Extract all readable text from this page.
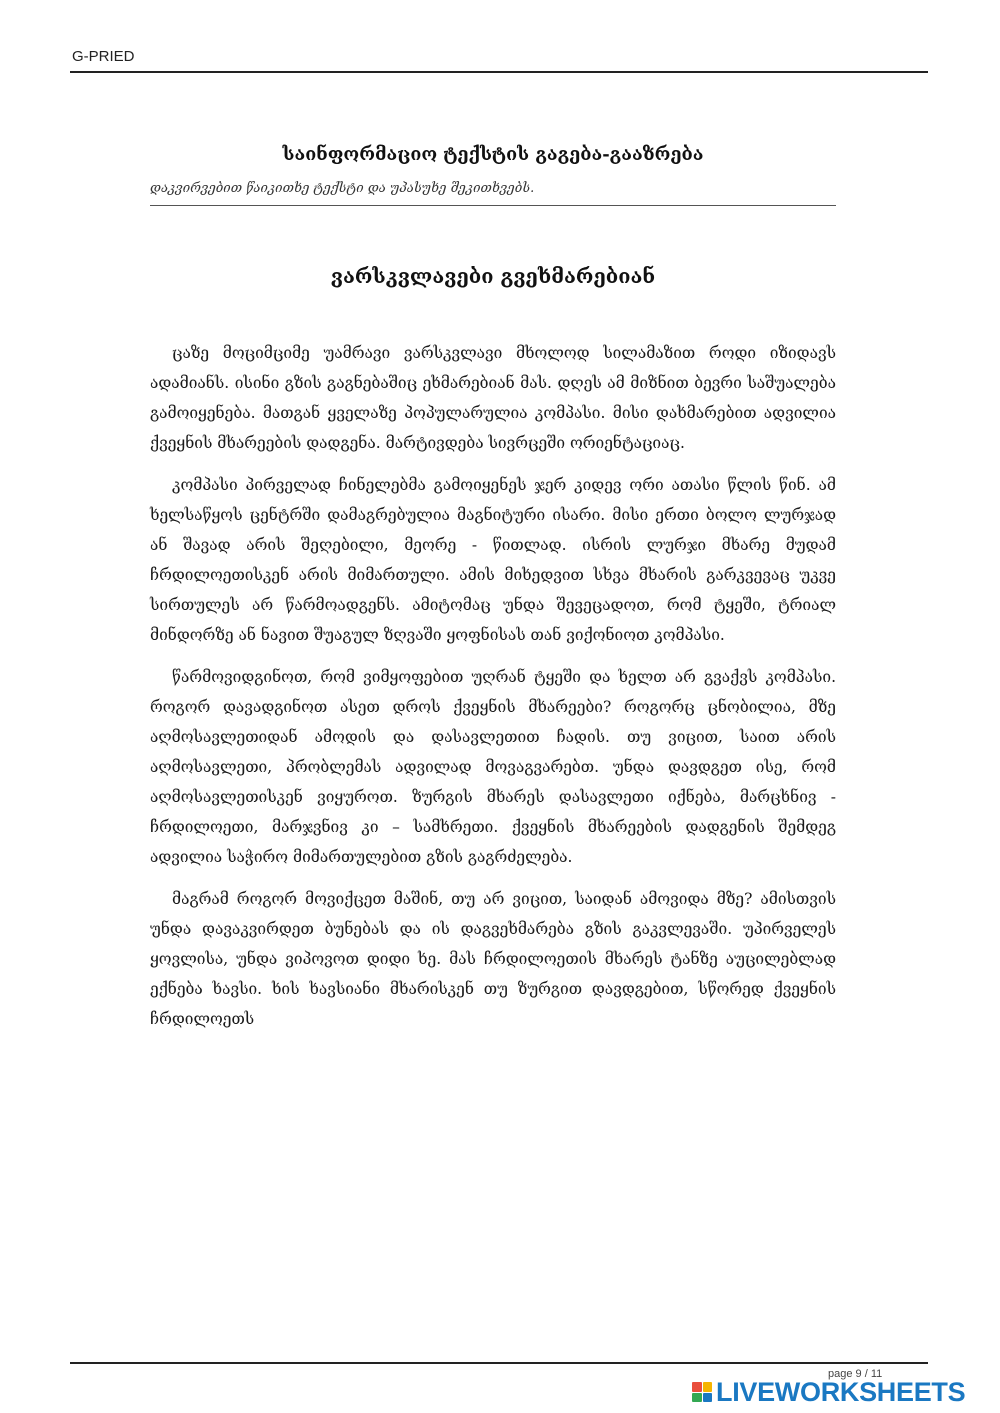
G-PRIED
საინფორმაციო ტექსტის გაგება-გააზრება
დაკვირვებით წაიკითხე ტექსტი და უპასუხე შეკითხვებს.
ვარსკვლავები გვეხმარებიან

ცაზე მოციმციმე უამრავი ვარსკვლავი მხოლოდ სილამაზით როდი იზიდავს ადამიანს. ისინი გზის გაგნებაშიც ეხმარებიან მას. დღეს ამ მიზნით ბევრი საშუალება გამოიყენება. მათგან ყველაზე პოპულარულია კომპასი. მისი დახმარებით ადვილია ქვეყნის მხარეების დადგენა. მარტივდება სივრცეში ორიენტაციაც.

კომპასი პირველად ჩინელებმა გამოიყენეს ჯერ კიდევ ორი ათასი წლის წინ. ამ ხელსაწყოს ცენტრში დამაგრებულია მაგნიტური ისარი. მისი ერთი ბოლო ლურჯად ან შავად არის შეღებილი, მეორე - წითლად. ისრის ლურჯი მხარე მუდამ ჩრდილოეთისკენ არის მიმართული. ამის მიხედვით სხვა მხარის გარკვევაც უკვე სირთულეს არ წარმოადგენს. ამიტომაც უნდა შევეცადოთ, რომ ტყეში, ტრიალ მინდორზე ან ნავით შუაგულ ზღვაში ყოფნისას თან ვიქონიოთ კომპასი.

წარმოვიდგინოთ, რომ ვიმყოფებით უღრან ტყეში და ხელთ არ გვაქვს კომპასი. როგორ დავადგინოთ ასეთ დროს ქვეყნის მხარეები? როგორც ცნობილია, მზე აღმოსავლეთიდან ამოდის და დასავლეთით ჩადის. თუ ვიცით, საით არის აღმოსავლეთი, პრობლემას ადვილად მოვაგვარებთ. უნდა დავდგეთ ისე, რომ აღმოსავლეთისკენ ვიყუროთ. ზურგის მხარეს დასავლეთი იქნება, მარცხნივ - ჩრდილოეთი, მარჯვნივ კი – სამხრეთი. ქვეყნის მხარეების დადგენის შემდეგ ადვილია საჭირო მიმართულებით გზის გაგრძელება.

მაგრამ როგორ მოვიქცეთ მაშინ, თუ არ ვიცით, საიდან ამოვიდა მზე? ამისთვის უნდა დავაკვირდეთ ბუნებას და ის დაგვეხმარება გზის გაკვლევაში. უპირველეს ყოვლისა, უნდა ვიპოვოთ დიდი ხე. მას ჩრდილოეთის მხარეს ტანზე აუცილებლად ექნება ხავსი. ხის ხავსიანი მხარისკენ თუ ზურგით დავდგებით, სწორედ ქვეყნის ჩრდილოეთს

page 9 / 11
LIVEWORKSHEETS
